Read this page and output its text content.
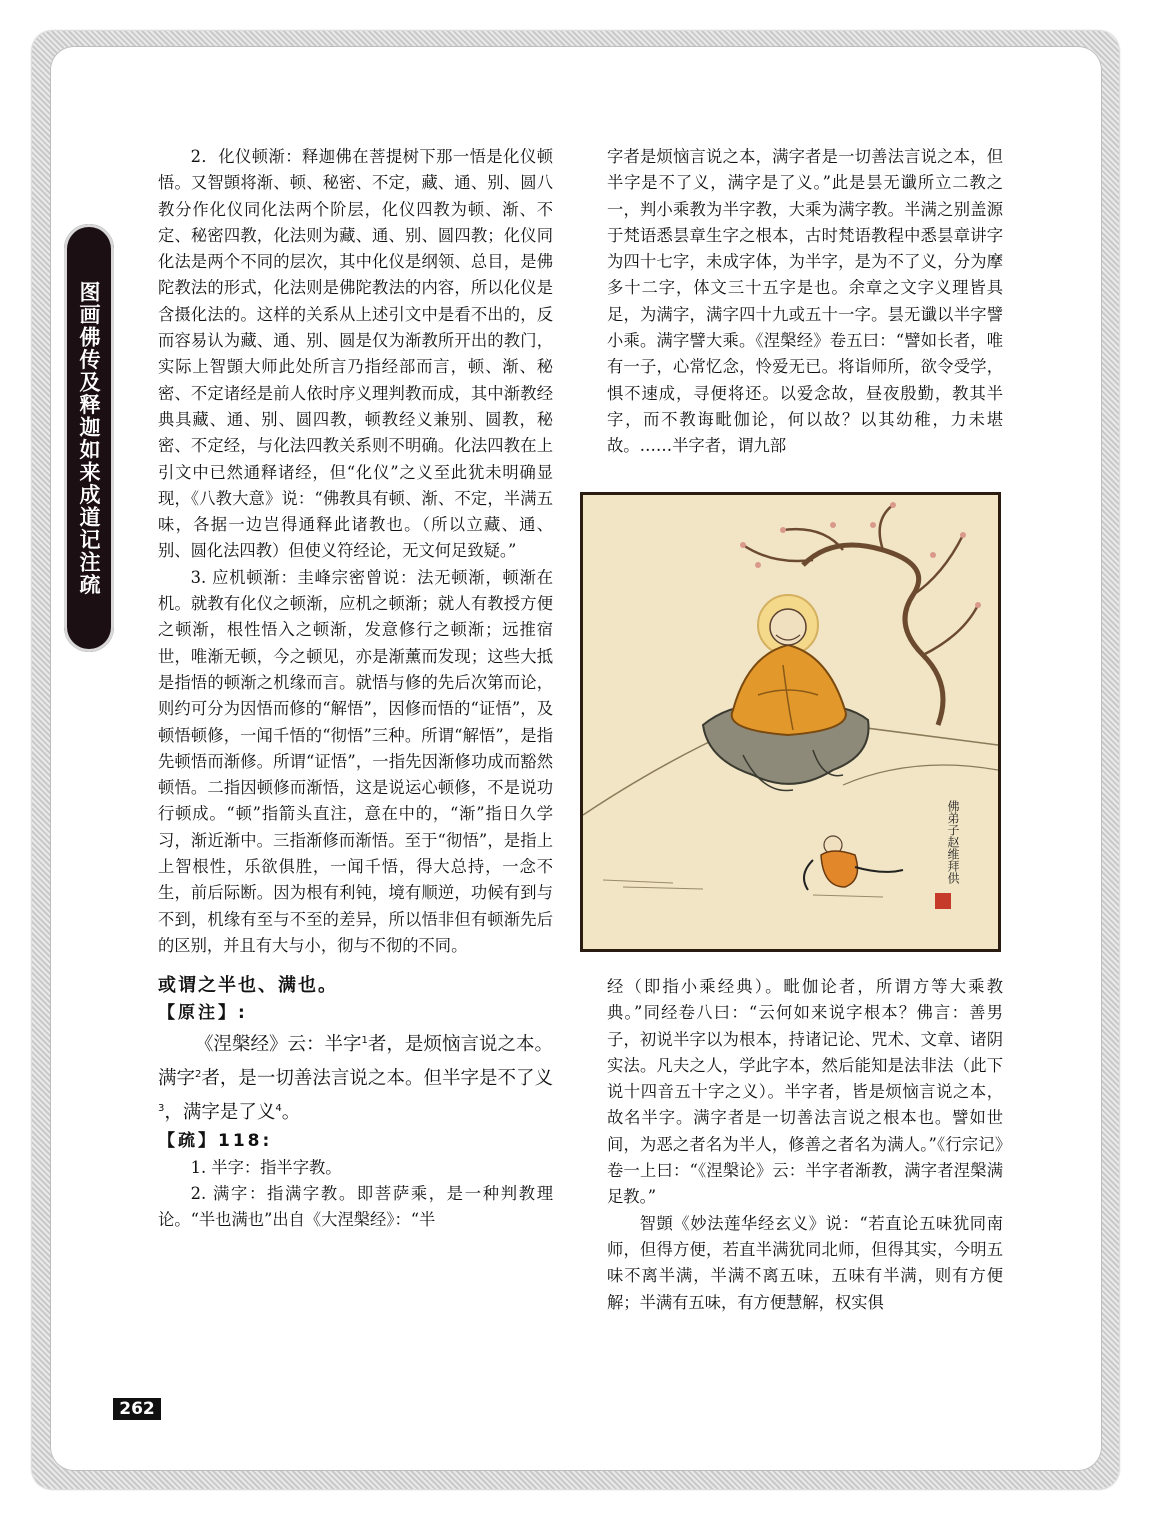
图画佛传及释迦如来成道记注疏

2．化仪顿渐：释迦佛在菩提树下那一悟是化仪顿悟。又智顗将渐、顿、秘密、不定，藏、通、别、圆八教分作化仪同化法两个阶层，化仪四教为顿、渐、不定、秘密四教，化法则为藏、通、别、圆四教；化仪同化法是两个不同的层次，其中化仪是纲领、总目，是佛陀教法的形式，化法则是佛陀教法的内容，所以化仪是含摄化法的。这样的关系从上述引文中是看不出的，反而容易认为藏、通、别、圆是仅为渐教所开出的教门，实际上智顗大师此处所言乃指经部而言，顿、渐、秘密、不定诸经是前人依时序义理判教而成，其中渐教经典具藏、通、别、圆四教，顿教经义兼别、圆教，秘密、不定经，与化法四教关系则不明确。化法四教在上引文中已然通释诸经，但“化仪”之义至此犹未明确显现，《八教大意》说：“佛教具有顿、渐、不定，半满五味，各据一边岂得通释此诸教也。（所以立藏、通、别、圆化法四教）但使义符经论，无文何足致疑。”

3. 应机顿渐：圭峰宗密曾说：法无顿渐，顿渐在机。就教有化仪之顿渐，应机之顿渐；就人有教授方便之顿渐，根性悟入之顿渐，发意修行之顿渐；远推宿世，唯渐无顿，今之顿见，亦是渐薰而发现；这些大抵是指悟的顿渐之机缘而言。就悟与修的先后次第而论，则约可分为因悟而修的“解悟”，因修而悟的“证悟”，及顿悟顿修，一闻千悟的“彻悟”三种。所谓“解悟”，是指先顿悟而渐修。所谓“证悟”，一指先因渐修功成而豁然顿悟。二指因顿修而渐悟，这是说运心顿修，不是说功行顿成。“顿”指箭头直注，意在中的，“渐”指日久学习，渐近渐中。三指渐修而渐悟。至于“彻悟”，是指上上智根性，乐欲俱胜，一闻千悟，得大总持，一念不生，前后际断。因为根有利钝，境有顺逆，功候有到与不到，机缘有至与不至的差异，所以悟非但有顿渐先后的区别，并且有大与小，彻与不彻的不同。

或谓之半也、满也。

【原注】:

《涅槃经》云：半字$^1$者，是烦恼言说之本。满字$^2$者，是一切善法言说之本。但半字是不了义$^3$，满字是了义$^4$。

【疏】118:

1. 半字：指半字教。

2. 满字：指满字教。即菩萨乘，是一种判教理论。“半也满也”出自《大涅槃经》：“半

字者是烦恼言说之本，满字者是一切善法言说之本，但半字是不了义，满字是了义。”此是昙无谶所立二教之一，判小乘教为半字教，大乘为满字教。半满之别盖源于梵语悉昙章生字之根本，古时梵语教程中悉昙章讲字为四十七字，未成字体，为半字，是为不了义，分为摩多十二字，体文三十五字是也。余章之文字义理皆具足，为满字，满字四十九或五十一字。昙无谶以半字譬小乘。满字譬大乘。《涅槃经》卷五曰：“譬如长者，唯有一子，心常忆念，怜爱无已。将诣师所，欲令受学，惧不速成，寻便将还。以爱念故，昼夜殷勤，教其半字，而不教诲毗伽论，何以故？以其幼稚，力未堪故。……半字者，谓九部

佛弟子赵维拜供

经（即指小乘经典）。毗伽论者，所谓方等大乘教典。”同经卷八曰：“云何如来说字根本？佛言：善男子，初说半字以为根本，持诸记论、咒术、文章、诸阴实法。凡夫之人，学此字本，然后能知是法非法（此下说十四音五十字之义）。半字者，皆是烦恼言说之本，故名半字。满字者是一切善法言说之根本也。譬如世间，为恶之者名为半人，修善之者名为满人。”《行宗记》卷一上曰：“《涅槃论》云：半字者渐教，满字者涅槃满足教。”

智顗《妙法莲华经玄义》说：“若直论五味犹同南师，但得方便，若直半满犹同北师，但得其实，今明五味不离半满，半满不离五味，五味有半满，则有方便解；半满有五味，有方便慧解，权实俱

262
